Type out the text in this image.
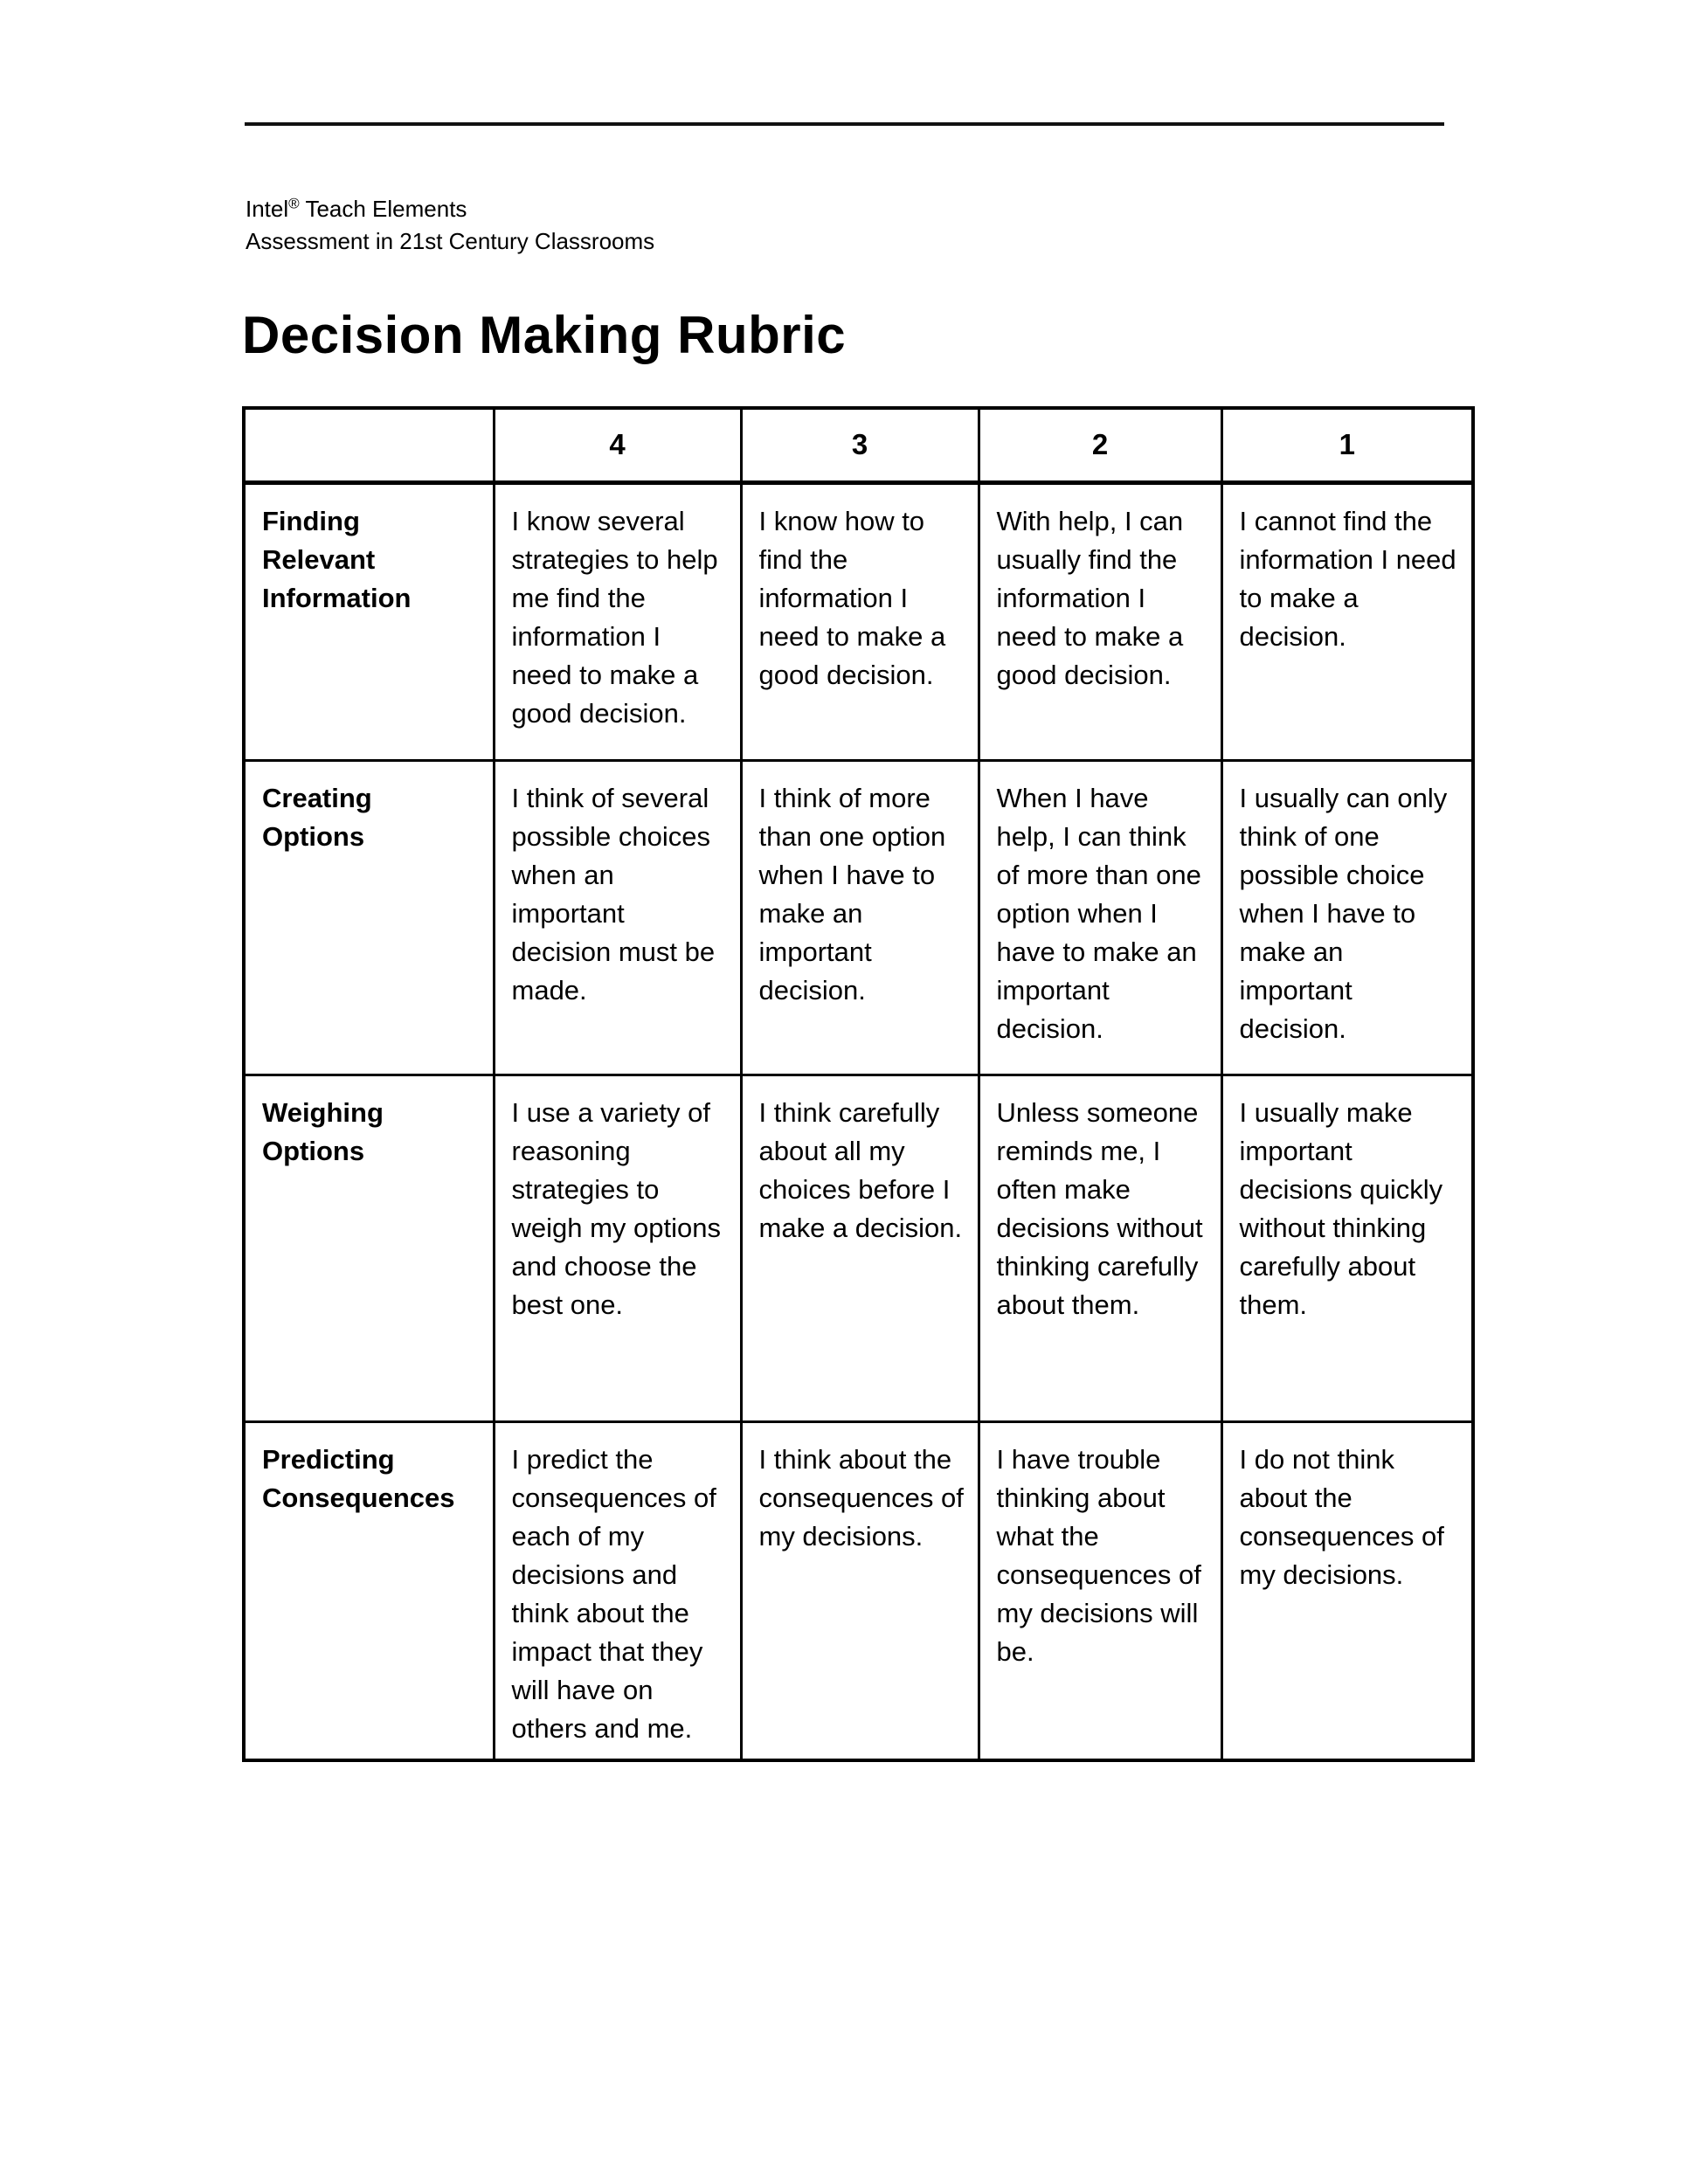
Intel® Teach Elements
Assessment in 21st Century Classrooms
Decision Making Rubric
	4	3	2	1
Finding Relevant Information	I know several strategies to help me find the information I need to make a good decision.	I know how to find the information I need to make a good decision.	With help, I can usually find the information I need to make a good decision.	I cannot find the information I need to make a decision.
Creating Options	I think of several possible choices when an important decision must be made.	I think of more than one option when I have to make an important decision.	When I have help, I can think of more than one option when I have to make an important decision.	I usually can only think of one possible choice when I have to make an important decision.
Weighing Options	I use a variety of reasoning strategies to weigh my options and choose the best one.	I think carefully about all my choices before I make a decision.	Unless someone reminds me, I often make decisions without thinking carefully about them.	I usually make important decisions quickly without thinking carefully about them.
Predicting Consequences	I predict the consequences of each of my decisions and think about the impact that they will have on others and me.	I think about the consequences of my decisions.	I have trouble thinking about what the consequences of my decisions will be.	I do not think about the consequences of my decisions.
